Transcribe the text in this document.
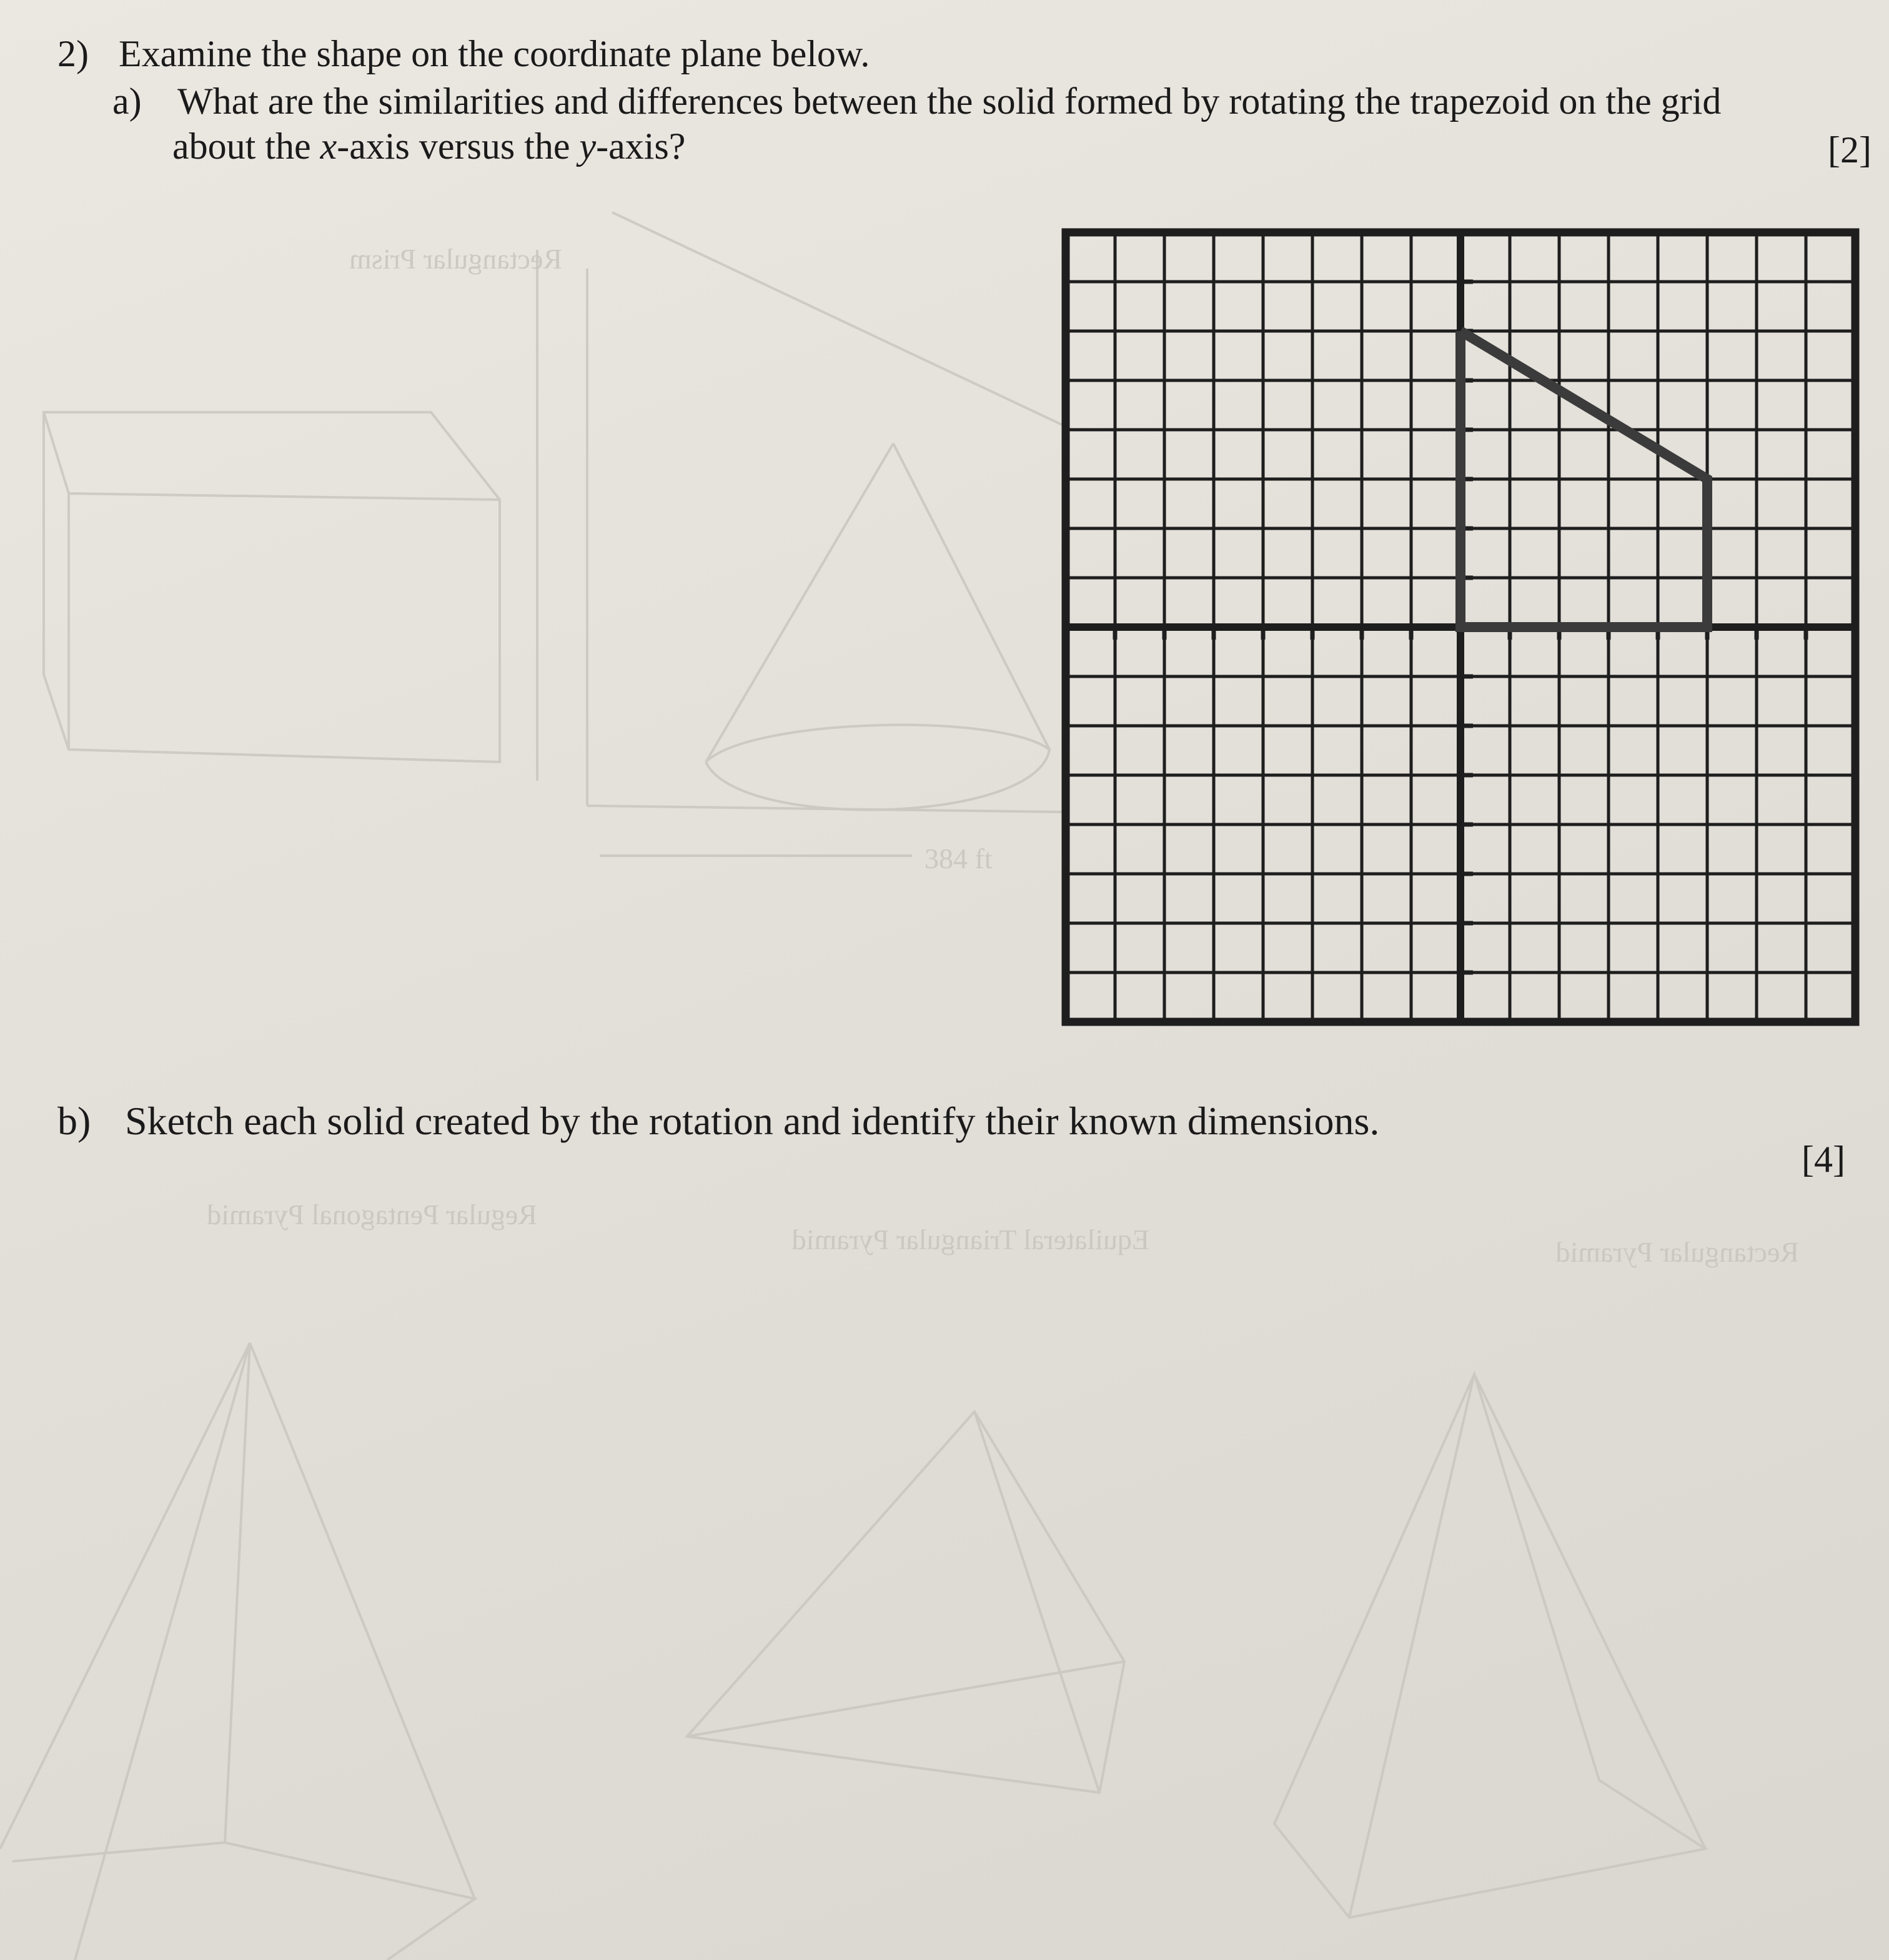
Rectangular Prism
Regular Pentagonal Pyramid
Equilateral Triangular Pyramid	Rectangular Pyramid
384 ft
2) Examine the shape on the coordinate plane below.
a) What are the similarities and differences between the solid formed by rotating the trapezoid on the grid
about the x-axis versus the y-axis?	[2]
b) Sketch each solid created by the rotation and identify their known dimensions.
[4]
